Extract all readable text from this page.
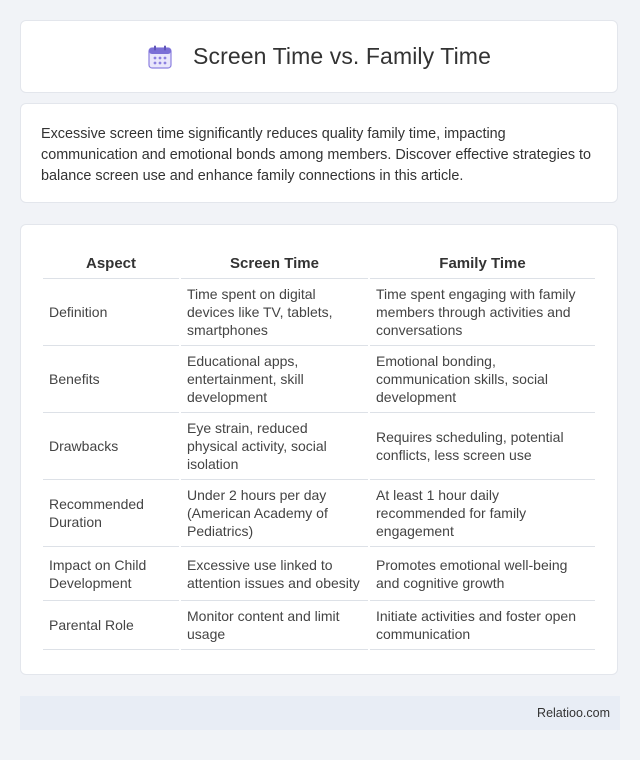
Screen Time vs. Family Time

Excessive screen time significantly reduces quality family time, impacting communication and emotional bonds among members. Discover effective strategies to balance screen use and enhance family connections in this article.

Aspect	Screen Time	Family Time
Definition	Time spent on digital devices like TV, tablets, smartphones	Time spent engaging with family members through activities and conversations
Benefits	Educational apps, entertainment, skill development	Emotional bonding, communication skills, social development
Drawbacks	Eye strain, reduced physical activity, social isolation	Requires scheduling, potential conflicts, less screen use
Recommended Duration	Under 2 hours per day (American Academy of Pediatrics)	At least 1 hour daily recommended for family engagement
Impact on Child Development	Excessive use linked to attention issues and obesity	Promotes emotional well-being and cognitive growth
Parental Role	Monitor content and limit usage	Initiate activities and foster open communication
Relatioo.com
